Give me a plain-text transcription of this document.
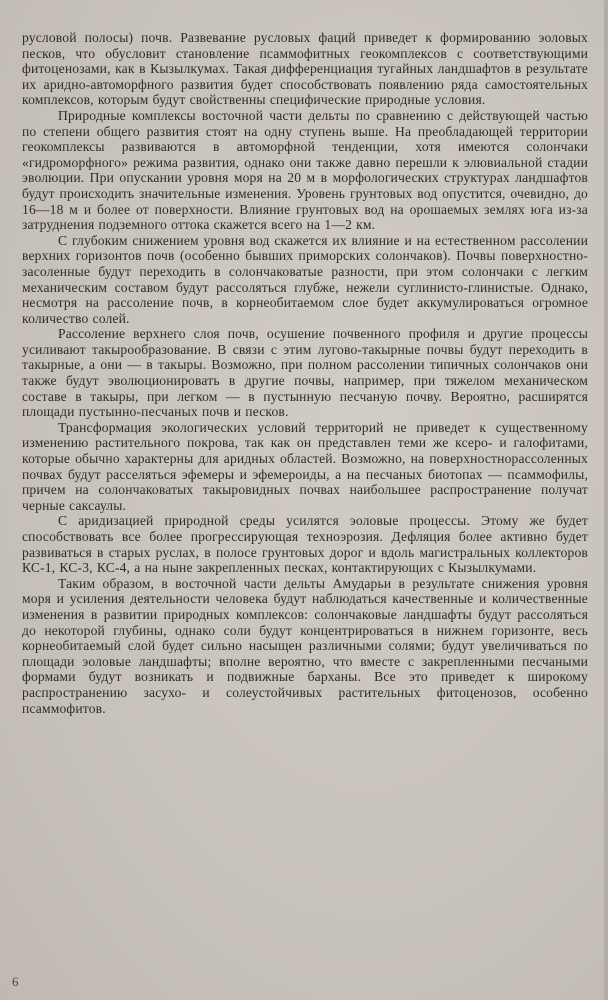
русловой полосы) почв. Развевание русловых фаций приведет к формированию эоловых песков, что обусловит становление псаммофитных геокомплексов с соответствующими фитоценозами, как в Кызылкумах. Такая дифференциация тугайных ландшафтов в результате их аридно-автоморфного развития будет способствовать появлению ряда самостоятельных комплексов, которым будут свойственны специфические природные условия.

Природные комплексы восточной части дельты по сравнению с действующей частью по степени общего развития стоят на одну ступень выше. На преобладающей территории геокомплексы развиваются в автоморфной тенденции, хотя имеются солончаки «гидроморфного» режима развития, однако они также давно перешли к элювиальной стадии эволюции. При опускании уровня моря на 20 м в морфологических структурах ландшафтов будут происходить значительные изменения. Уровень грунтовых вод опустится, очевидно, до 16—18 м и более от поверхности. Влияние грунтовых вод на орошаемых землях юга из-за затруднения подземного оттока скажется всего на 1—2 км.

С глубоким снижением уровня вод скажется их влияние и на естественном рассолении верхних горизонтов почв (особенно бывших приморских солончаков). Почвы поверхностно-засоленные будут переходить в солончаковатые разности, при этом солончаки с легким механическим составом будут рассоляться глубже, нежели суглинисто-глинистые. Однако, несмотря на рассоление почв, в корнеобитаемом слое будет аккумулироваться огромное количество солей.

Рассоление верхнего слоя почв, осушение почвенного профиля и другие процессы усиливают такырообразование. В связи с этим лугово-такырные почвы будут переходить в такырные, а они — в такыры. Возможно, при полном рассолении типичных солончаков они также будут эволюционировать в другие почвы, например, при тяжелом механическом составе в такыры, при легком — в пустынную песчаную почву. Вероятно, расширятся площади пустынно-песчаных почв и песков.

Трансформация экологических условий территорий не приведет к существенному изменению растительного покрова, так как он представлен теми же ксеро- и галофитами, которые обычно характерны для аридных областей. Возможно, на поверхностнорассоленных почвах будут расселяться эфемеры и эфемероиды, а на песчаных биотопах — псаммофилы, причем на солончаковатых такыровидных почвах наибольшее распространение получат черные саксаулы.

С аридизацией природной среды усилятся эоловые процессы. Этому же будет способствовать все более прогрессирующая техноэрозия. Дефляция более активно будет развиваться в старых руслах, в полосе грунтовых дорог и вдоль магистральных коллекторов КС-1, КС-3, КС-4, а на ныне закрепленных песках, контактирующих с Кызылкумами.

Таким образом, в восточной части дельты Амударьи в результате снижения уровня моря и усиления деятельности человека будут наблюдаться качественные и количественные изменения в развитии природных комплексов: солончаковые ландшафты будут рассоляться до некоторой глубины, однако соли будут концентрироваться в нижнем горизонте, весь корнеобитаемый слой будет сильно насыщен различными солями; будут увеличиваться по площади эоловые ландшафты; вполне вероятно, что вместе с закрепленными песчаными формами будут возникать и подвижные барханы. Все это приведет к широкому распространению засухо- и солеустойчивых растительных фитоценозов, особенно псаммофитов.

6
